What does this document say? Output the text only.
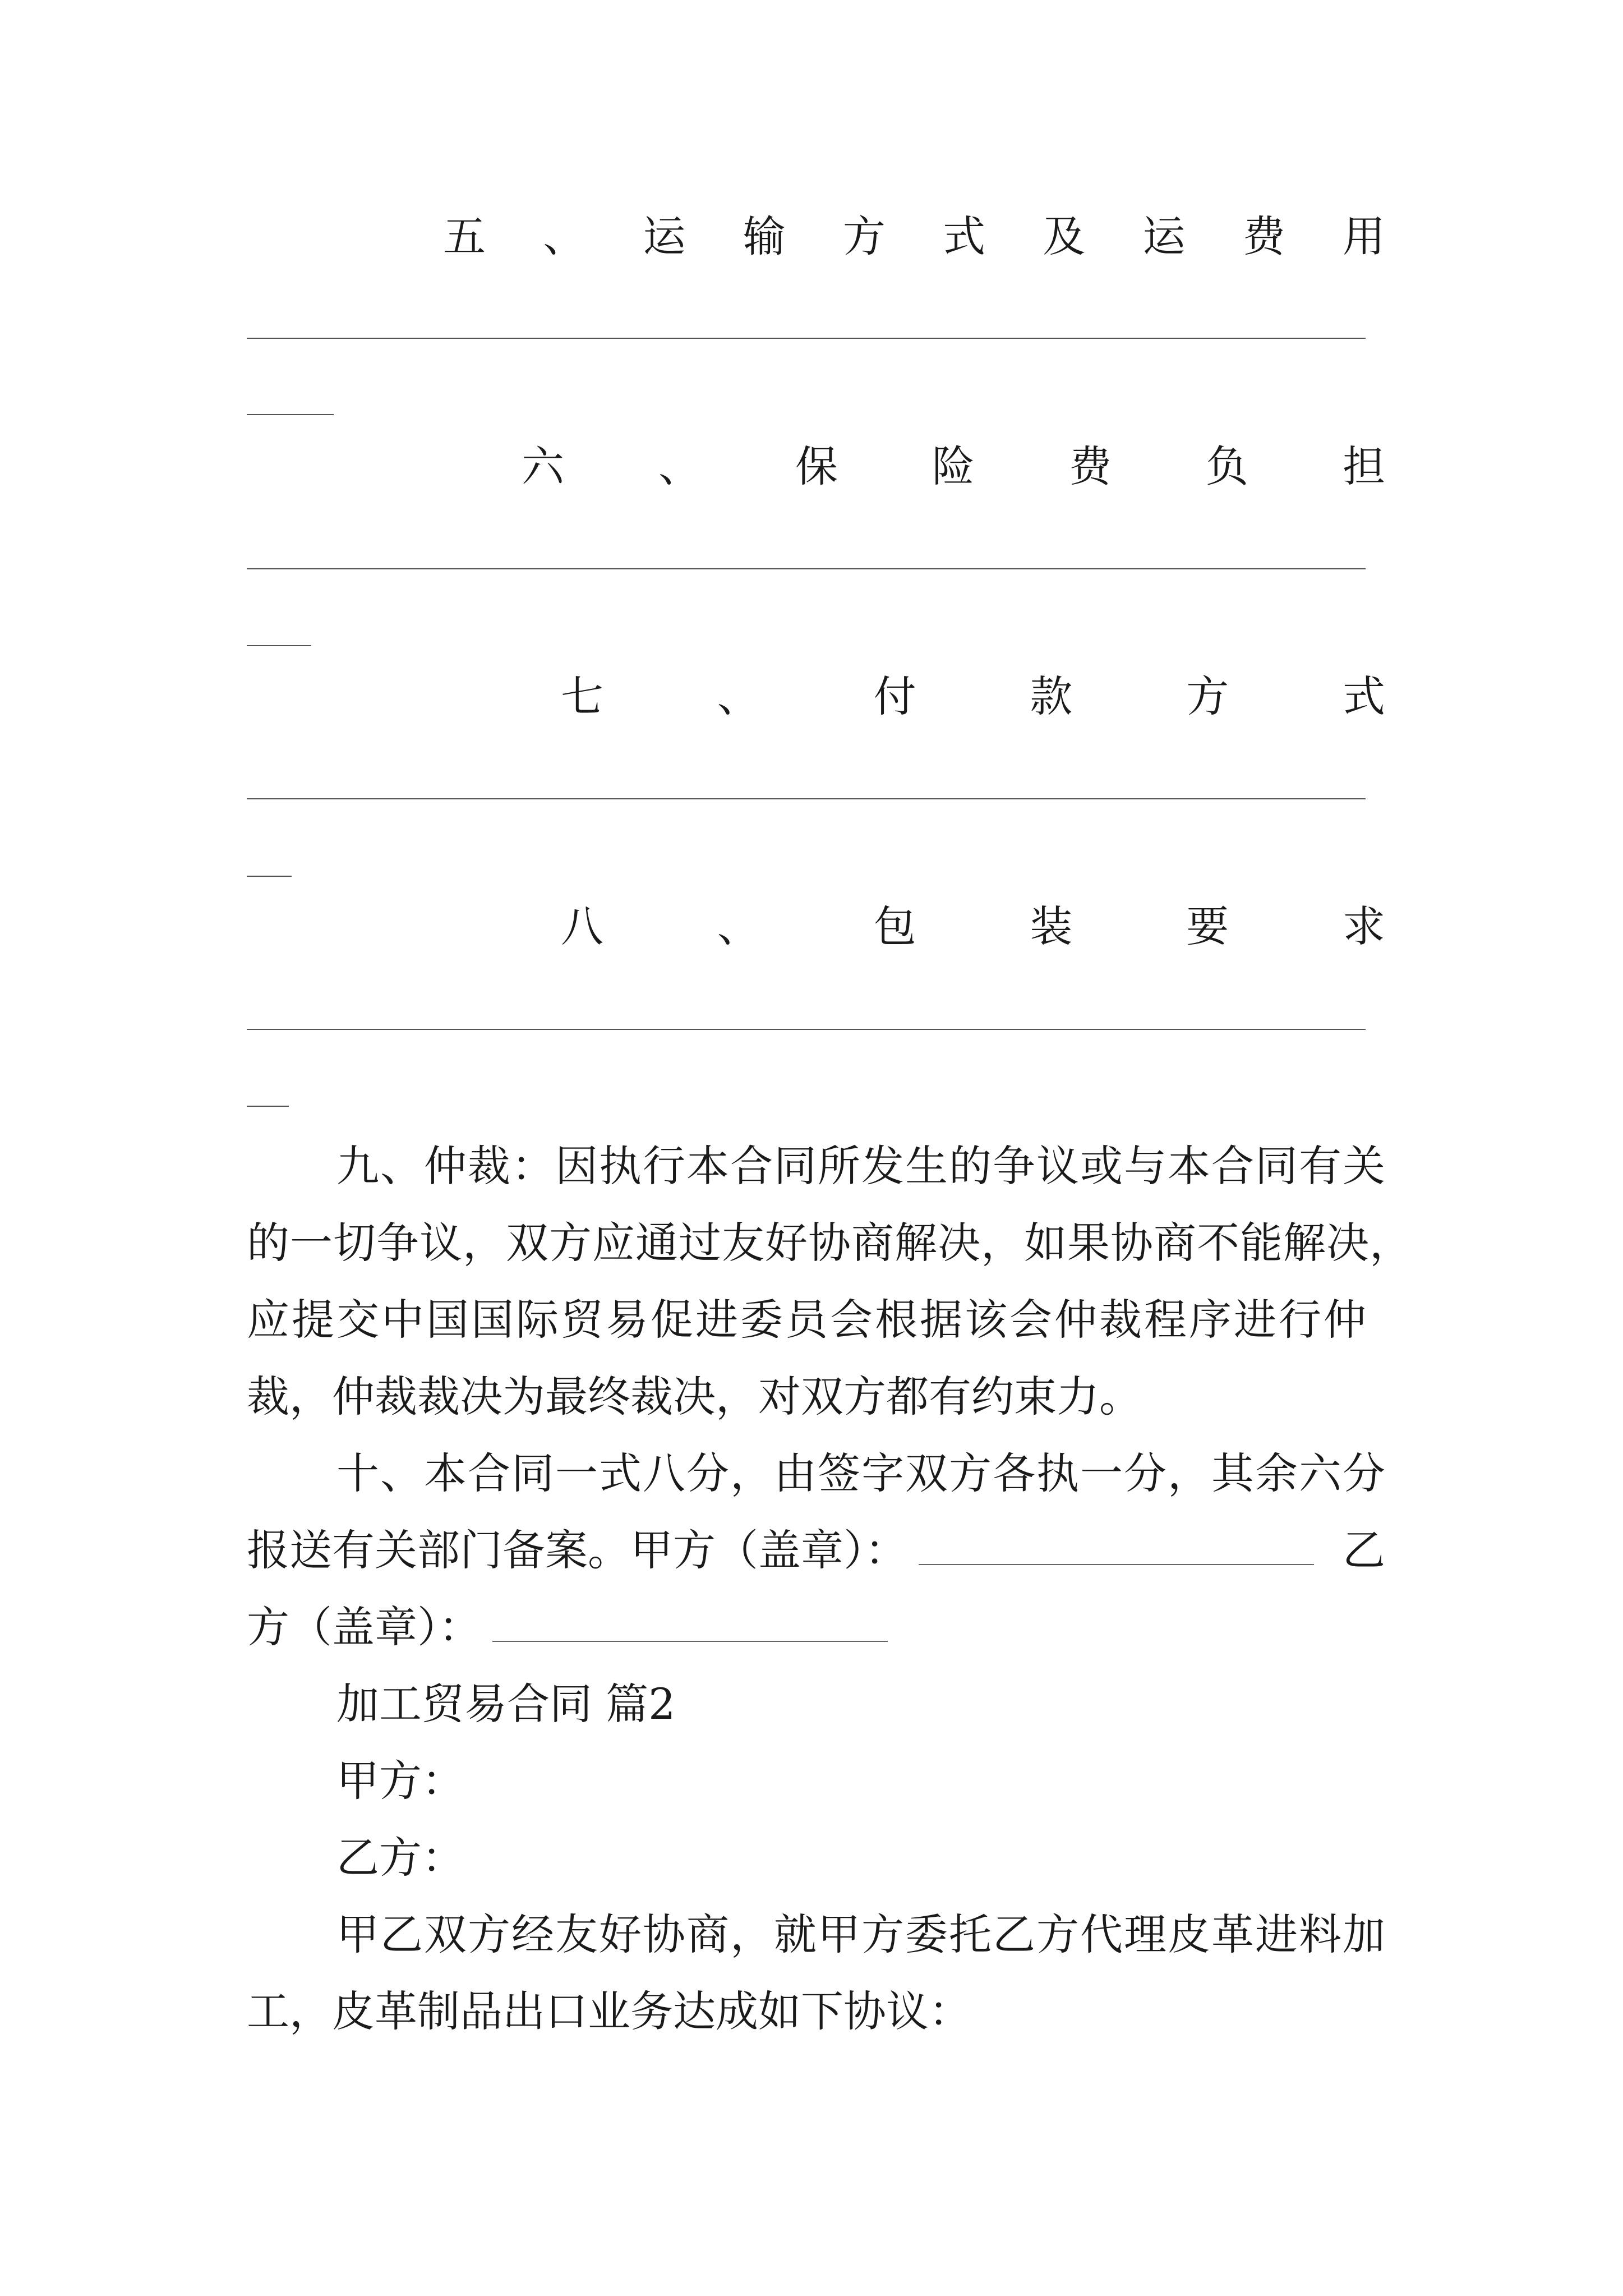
五 、 运 输 方 式 及 运 费 用
六 、 保 险 费 负 担
七	、	付	款	方	式
八	、	包	装	要	求
九 、 仲 裁 ： 因 执 行 本 合 同 所 发 生 的 争 议 或 与 本 合 同 有 关
的一切争议，双方应通过友好协商解决，如果协商不能解决，
应提交中国国际贸易促进委员会根据该会仲裁程序进行仲
裁，仲裁裁决为最终裁决，对双方都有约束力。
十、本合同一式八分，由签字双方各执一分，其余六分
报送有关部门备案。甲方（盖章）：	乙
方（盖章）：
加工贸易合同 篇2
甲方：
乙方：
甲 乙 双 方 经 友 好 协 商 ， 就 甲 方 委 托 乙 方 代 理 皮 革 进 料 加
工，皮革制品出口业务达成如下协议：
